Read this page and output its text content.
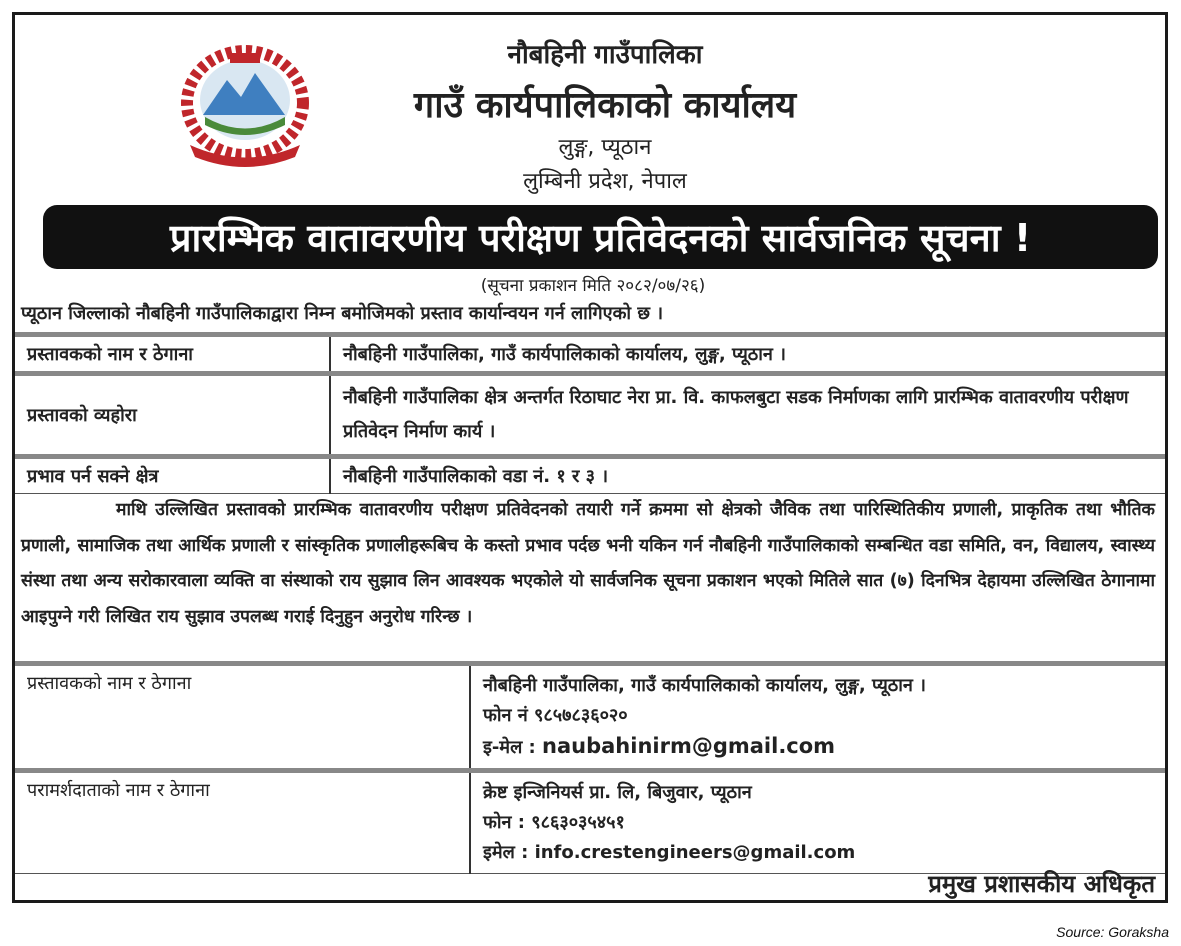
नौबहिनी गाउँपालिका
गाउँ कार्यपालिकाको कार्यालय
लुङ्ग, प्यूठान
लुम्बिनी प्रदेश, नेपाल
प्रारम्भिक वातावरणीय परीक्षण प्रतिवेदनको सार्वजनिक सूचना !
(सूचना प्रकाशन मिति २०८२/०७/२६)
प्यूठान जिल्लाको नौबहिनी गाउँपालिकाद्वारा निम्न बमोजिमको प्रस्ताव कार्यान्वयन गर्न लागिएको छ ।
प्रस्तावकको नाम र ठेगाना	नौबहिनी गाउँपालिका, गाउँ कार्यपालिकाको कार्यालय, लुङ्ग, प्यूठान ।
प्रस्तावको व्यहोरा	नौबहिनी गाउँपालिका क्षेत्र अन्तर्गत रिठाघाट नेरा प्रा. वि. काफलबुटा सडक निर्माणका लागि प्रारम्भिक वातावरणीय परीक्षण प्रतिवेदन निर्माण कार्य ।
प्रभाव पर्न सक्ने क्षेत्र	नौबहिनी गाउँपालिकाको वडा नं. १ र ३ ।
माथि उल्लिखित प्रस्तावको प्रारम्भिक वातावरणीय परीक्षण प्रतिवेदनको तयारी गर्ने क्रममा सो क्षेत्रको जैविक तथा पारिस्थितिकीय प्रणाली, प्राकृतिक तथा भौतिक प्रणाली, सामाजिक तथा आर्थिक प्रणाली र सांस्कृतिक प्रणालीहरूबिच के कस्तो प्रभाव पर्दछ भनी यकिन गर्न नौबहिनी गाउँपालिकाको सम्बन्धित वडा समिति, वन, विद्यालय, स्वास्थ्य संस्था तथा अन्य सरोकारवाला व्यक्ति वा संस्थाको राय सुझाव लिन आवश्यक भएकोले यो सार्वजनिक सूचना प्रकाशन भएको मितिले सात (७) दिनभित्र देहायमा उल्लिखित ठेगानामा आइपुग्ने गरी लिखित राय सुझाव उपलब्ध गराई दिनुहुन अनुरोध गरिन्छ ।
प्रस्तावकको नाम र ठेगाना	नौबहिनी गाउँपालिका, गाउँ कार्यपालिकाको कार्यालय, लुङ्ग, प्यूठान ।
फोन नं ९८५७८३६०२०
इ-मेल : naubahinirm@gmail.com

परामर्शदाताको नाम र ठेगाना	क्रेष्ट इन्जिनियर्स प्रा. लि, बिजुवार, प्यूठान
फोन : ९८६३०३५४५१
इमेल : info.crestengineers@gmail.com
प्रमुख प्रशासकीय अधिकृत
Source: Goraksha
